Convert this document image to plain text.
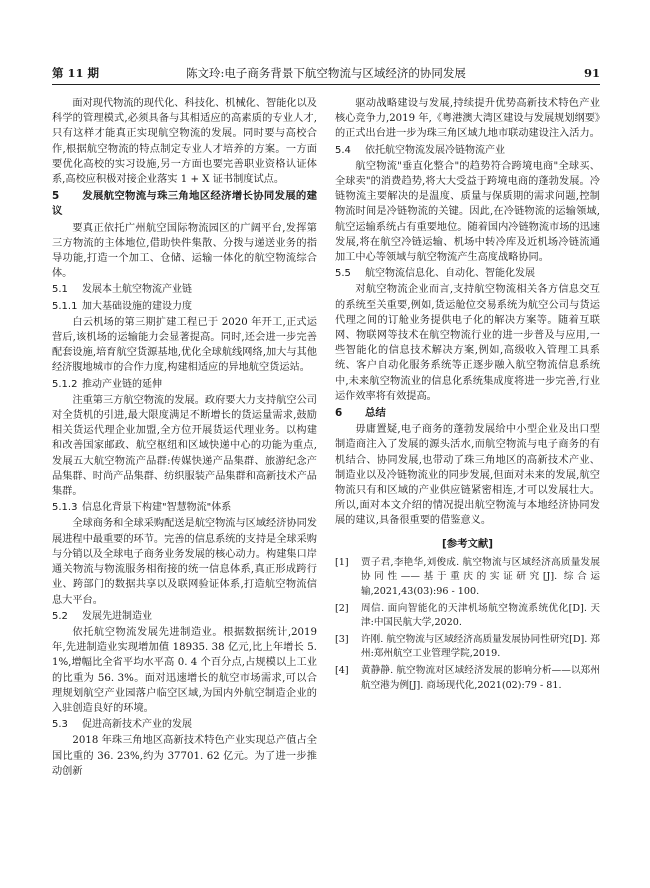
第 11 期	陈文玲:电子商务背景下航空物流与区域经济的协同发展	91

面对现代物流的现代化、科技化、机械化、智能化以及科学的管理模式,必须具备与其相适应的高素质的专业人才,只有这样才能真正实现航空物流的发展。同时要与高校合作,根据航空物流的特点制定专业人才培养的方案。一方面要优化高校的实习设施,另一方面也要完善职业资格认证体系,高校应积极对接企业落实 1 + X 证书制度试点。

5 发展航空物流与珠三角地区经济增长协同发展的建议

要真正依托广州航空国际物流园区的广阔平台,发挥第三方物流的主体地位,借助快件集散、分拨与递送业务的指导功能,打造一个加工、仓储、运输一体化的航空物流综合体。

5.1 发展本土航空物流产业链
5.1.1 加大基础设施的建设力度

白云机场的第三期扩建工程已于 2020 年开工,正式运营后,该机场的运输能力会显著提高。同时,还会进一步完善配套设施,培育航空货源基地,优化全球航线网络,加大与其他经济腹地城市的合作力度,构建相适应的异地航空货运站。

5.1.2 推动产业链的延伸

注重第三方航空物流的发展。政府要大力支持航空公司对全货机的引进,最大限度满足不断增长的货运量需求,鼓励相关货运代理企业加盟,全方位开展货运代理业务。以构建和改善国家邮政、航空枢纽和区域快递中心的功能为重点,发展五大航空物流产品群:传媒快递产品集群、旅游纪念产品集群、时尚产品集群、纺织服装产品集群和高新技术产品集群。

5.1.3 信息化背景下构建"智慧物流"体系

全球商务和全球采购配送是航空物流与区域经济协同发展进程中最重要的环节。完善的信息系统的支持是全球采购与分销以及全球电子商务业务发展的核心动力。构建集口岸通关物流与物流服务相衔接的统一信息体系,真正形成跨行业、跨部门的数据共享以及联网验证体系,打造航空物流信息大平台。

5.2 发展先进制造业

依托航空物流发展先进制造业。根据数据统计,2019 年,先进制造业实现增加值 18935. 38 亿元,比上年增长 5. 1%,增幅比全省平均水平高 0. 4 个百分点,占规模以上工业的比重为 56. 3%。面对迅速增长的航空市场需求,可以合理规划航空产业园落户临空区域,为国内外航空制造企业的入驻创造良好的环境。

5.3 促进高新技术产业的发展

2018 年珠三角地区高新技术特色产业实现总产值占全国比重的 36. 23%,约为 37701. 62 亿元。为了进一步推动创新

驱动战略建设与发展,持续提升优势高新技术特色产业核心竞争力,2019 年,《粤港澳大湾区建设与发展规划纲要》的正式出台进一步为珠三角区域九地市联动建设注入活力。

5.4 依托航空物流发展冷链物流产业

航空物流"垂直化整合"的趋势符合跨境电商"全球买、全球卖"的消费趋势,将大大受益于跨境电商的蓬勃发展。冷链物流主要解决的是温度、质量与保质期的需求问题,控制物流时间是冷链物流的关键。因此,在冷链物流的运输领域,航空运输系统占有重要地位。随着国内冷链物流市场的迅速发展,将在航空冷链运输、机场中转冷库及近机场冷链流通加工中心等领域与航空物流产生高度战略协同。

5.5 航空物流信息化、自动化、智能化发展

对航空物流企业而言,支持航空物流相关各方信息交互的系统至关重要,例如,货运舱位交易系统为航空公司与货运代理之间的订舱业务提供电子化的解决方案等。随着互联网、物联网等技术在航空物流行业的进一步普及与应用,一些智能化的信息技术解决方案,例如,高级收入管理工具系统、客户自动化服务系统等正逐步融入航空物流信息系统中,未来航空物流业的信息化系统集成度将进一步完善,行业运作效率将有效提高。

6 总结

毋庸置疑,电子商务的蓬勃发展给中小型企业及出口型制造商注入了发展的源头活水,而航空物流与电子商务的有机结合、协同发展,也带动了珠三角地区的高新技术产业、制造业以及冷链物流业的同步发展,但面对未来的发展,航空物流只有和区域的产业供应链紧密相连,才可以发展壮大。所以,面对本文介绍的情况提出航空物流与本地经济协同发展的建议,具备很重要的借鉴意义。

[参考文献]
[1]	贾子君,李艳华,刘俊成. 航空物流与区域经济高质量发展协同性——基于重庆的实证研究[J]. 综合运输,2021,43(03):96 - 100.
[2]	周信. 面向智能化的天津机场航空物流系统优化[D]. 天津:中国民航大学,2020.
[3]	许刚. 航空物流与区域经济高质量发展协同性研究[D]. 郑州:郑州航空工业管理学院,2019.
[4]	黄静静. 航空物流对区域经济发展的影响分析——以郑州航空港为例[J]. 商场现代化,2021(02):79 - 81.
